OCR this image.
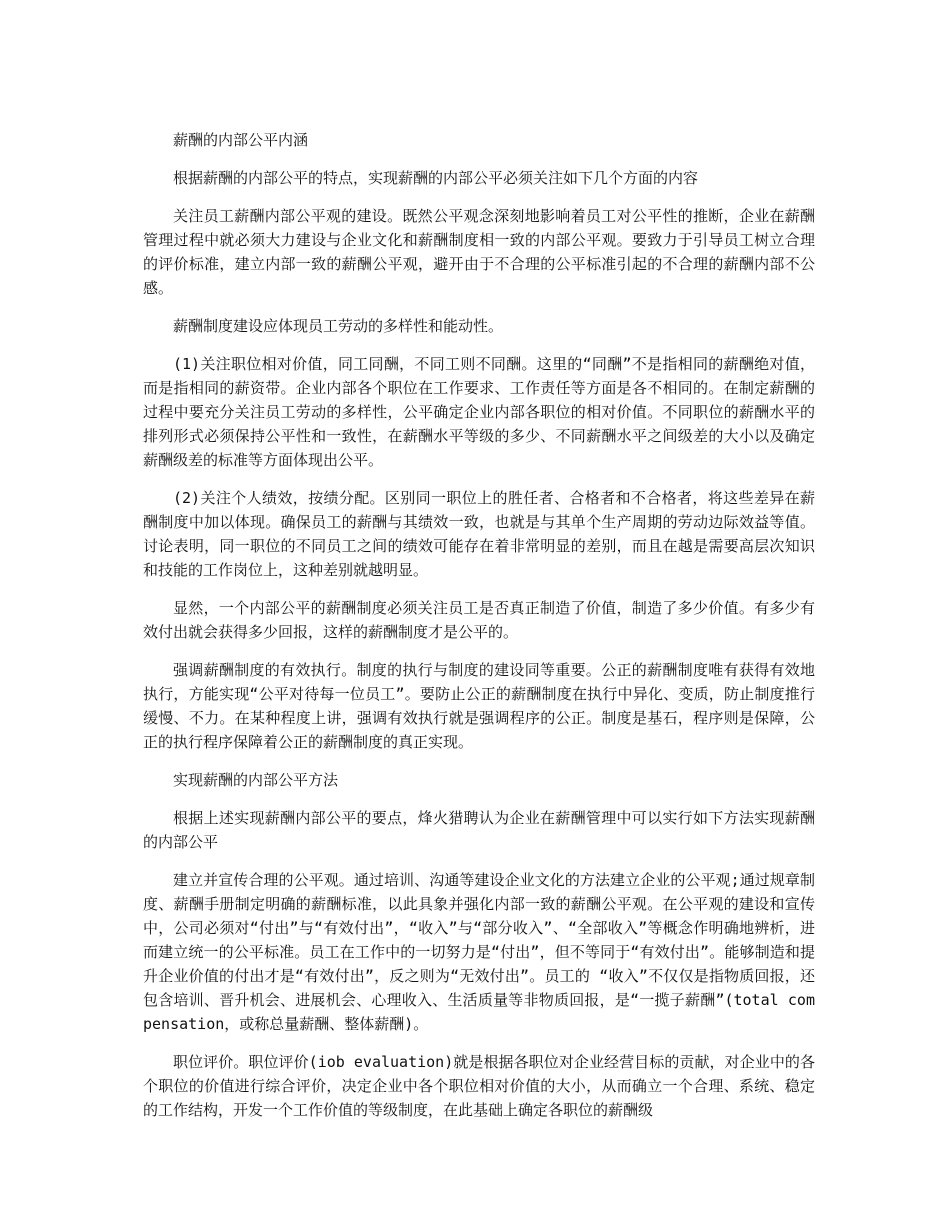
薪酬的内部公平内涵

根据薪酬的内部公平的特点，实现薪酬的内部公平必须关注如下几个方面的内容

关注员工薪酬内部公平观的建设。既然公平观念深刻地影响着员工对公平性的推断，企业在薪酬管理过程中就必须大力建设与企业文化和薪酬制度相一致的内部公平观。要致力于引导员工树立合理的评价标准，建立内部一致的薪酬公平观，避开由于不合理的公平标准引起的不合理的薪酬内部不公感。

薪酬制度建设应体现员工劳动的多样性和能动性。

(1)关注职位相对价值，同工同酬，不同工则不同酬。这里的“同酬”不是指相同的薪酬绝对值，而是指相同的薪资带。企业内部各个职位在工作要求、工作责任等方面是各不相同的。在制定薪酬的过程中要充分关注员工劳动的多样性，公平确定企业内部各职位的相对价值。不同职位的薪酬水平的排列形式必须保持公平性和一致性，在薪酬水平等级的多少、不同薪酬水平之间级差的大小以及确定薪酬级差的标准等方面体现出公平。

(2)关注个人绩效，按绩分配。区别同一职位上的胜任者、合格者和不合格者，将这些差异在薪酬制度中加以体现。确保员工的薪酬与其绩效一致，也就是与其单个生产周期的劳动边际效益等值。讨论表明，同一职位的不同员工之间的绩效可能存在着非常明显的差别，而且在越是需要高层次知识和技能的工作岗位上，这种差别就越明显。

显然，一个内部公平的薪酬制度必须关注员工是否真正制造了价值，制造了多少价值。有多少有效付出就会获得多少回报，这样的薪酬制度才是公平的。

强调薪酬制度的有效执行。制度的执行与制度的建设同等重要。公正的薪酬制度唯有获得有效地执行，方能实现“公平对待每一位员工”。要防止公正的薪酬制度在执行中异化、变质，防止制度推行缓慢、不力。在某种程度上讲，强调有效执行就是强调程序的公正。制度是基石，程序则是保障，公正的执行程序保障着公正的薪酬制度的真正实现。

实现薪酬的内部公平方法

根据上述实现薪酬内部公平的要点，烽火猎聘认为企业在薪酬管理中可以实行如下方法实现薪酬的内部公平

建立并宣传合理的公平观。通过培训、沟通等建设企业文化的方法建立企业的公平观;通过规章制度、薪酬手册制定明确的薪酬标准，以此具象并强化内部一致的薪酬公平观。在公平观的建设和宣传中，公司必须对“付出”与“有效付出”，“收入”与“部分收入”、“全部收入”等概念作明确地辨析，进而建立统一的公平标准。员工在工作中的一切努力是“付出”，但不等同于“有效付出”。能够制造和提升企业价值的付出才是“有效付出”，反之则为“无效付出”。员工的 “收入”不仅仅是指物质回报，还包含培训、晋升机会、进展机会、心理收入、生活质量等非物质回报，是“一揽子薪酬”(total compensation，或称总量薪酬、整体薪酬)。

职位评价。职位评价(iob evaluation)就是根据各职位对企业经营目标的贡献，对企业中的各个职位的价值进行综合评价，决定企业中各个职位相对价值的大小，从而确立一个合理、系统、稳定的工作结构，开发一个工作价值的等级制度，在此基础上确定各职位的薪酬级
